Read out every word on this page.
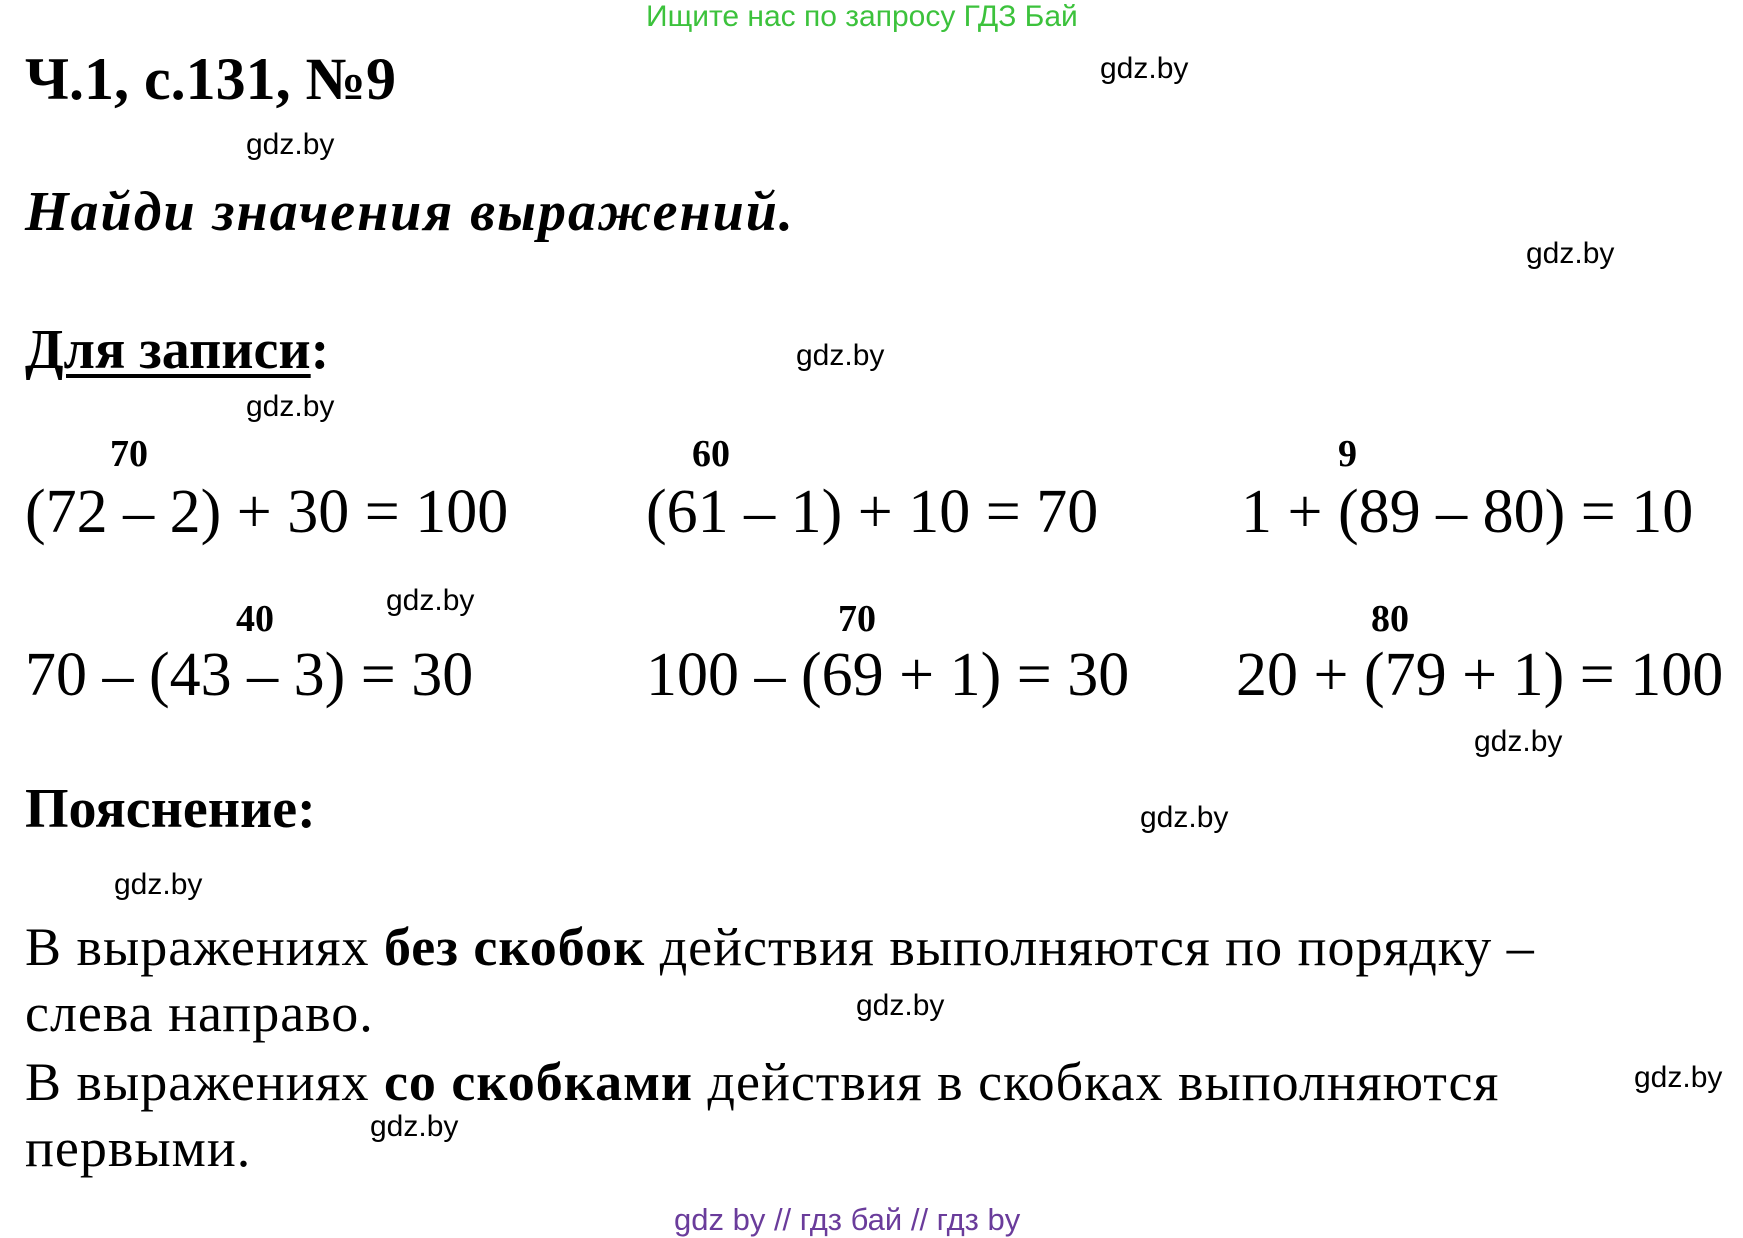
Ищите нас по запросу ГДЗ Бай
Ч.1, с.131, №9
Найди значения выражений.
Для записи:
70
(72 – 2) + 30 = 100
60
(61 – 1) + 10 = 70
9
1 + (89 – 80) = 10
40
70 – (43 – 3) = 30
70
100 – (69 + 1) = 30
80
20 + (79 + 1) = 100
Пояснение:
В выражениях без скобок действия выполняются по порядку –
слева направо.
В выражениях со скобками действия в скобках выполняются
первыми.
gdz.by
gdz.by
gdz.by
gdz.by
gdz.by
gdz.by
gdz.by
gdz.by
gdz.by
gdz.by
gdz.by
gdz.by
gdz by // гдз бай // гдз by
